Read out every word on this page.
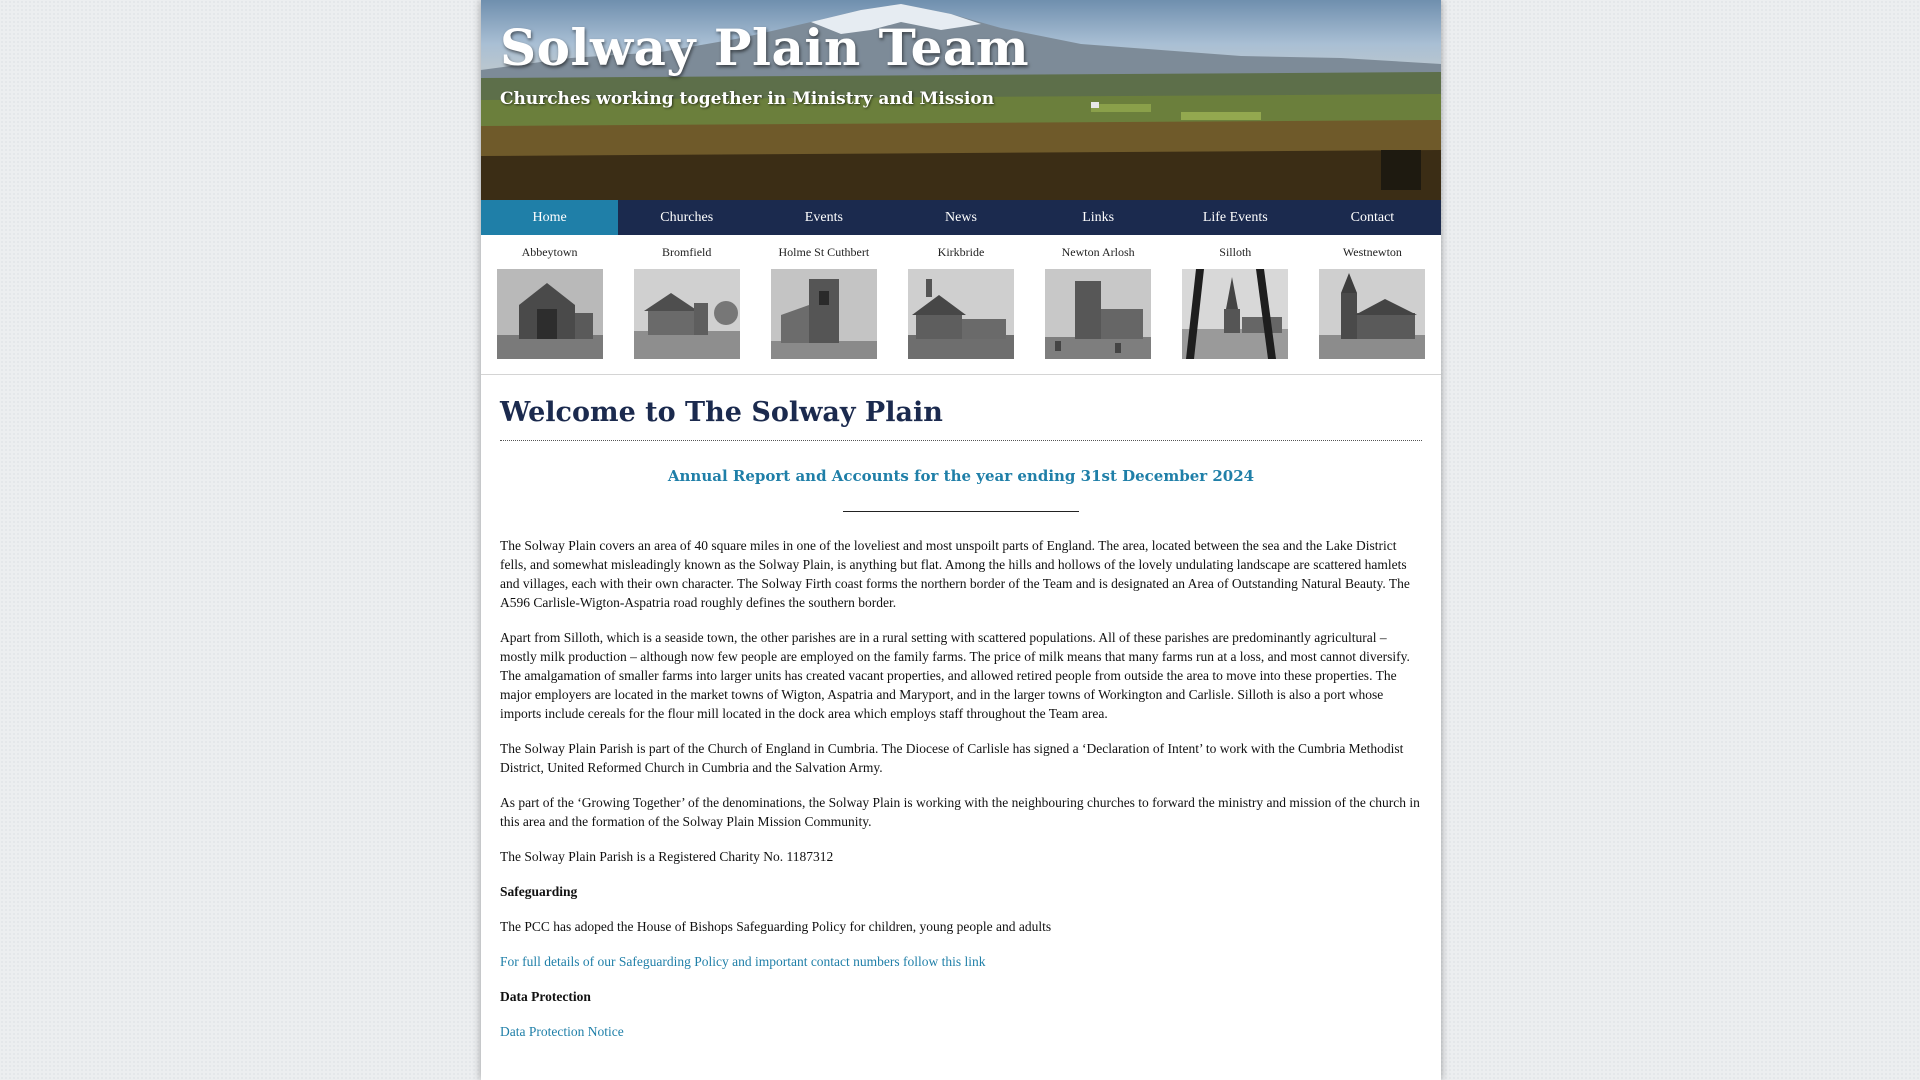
Solway Plain Team
Churches working together in Ministry and Mission
Home	Churches	Events	News	Links	Life Events	Contact
Abbeytown	Bromfield	Holme St Cuthbert	Kirkbride	Newton Arlosh	Silloth	Westnewton
Welcome to The Solway Plain
Annual Report and Accounts for the year ending 31st December 2024

The Solway Plain covers an area of 40 square miles in one of the loveliest and most unspoilt parts of England. The area, located between the sea and the Lake District fells, and somewhat misleadingly known as the Solway Plain, is anything but flat. Among the hills and hollows of the lovely undulating landscape are scattered hamlets and villages, each with their own character. The Solway Firth coast forms the northern border of the Team and is designated an Area of Outstanding Natural Beauty. The A596 Carlisle-Wigton-Aspatria road roughly defines the southern border.

Apart from Silloth, which is a seaside town, the other parishes are in a rural setting with scattered populations. All of these parishes are predominantly agricultural – mostly milk production – although now few people are employed on the family farms. The price of milk means that many farms run at a loss, and most cannot diversify. The amalgamation of smaller farms into larger units has created vacant properties, and allowed retired people from outside the area to move into these properties. The major employers are located in the market towns of Wigton, Aspatria and Maryport, and in the larger towns of Workington and Carlisle. Silloth is also a port whose imports include cereals for the flour mill located in the dock area which employs staff throughout the Team area.

The Solway Plain Parish is part of the Church of England in Cumbria. The Diocese of Carlisle has signed a ‘Declaration of Intent’ to work with the Cumbria Methodist District, United Reformed Church in Cumbria and the Salvation Army.

As part of the ‘Growing Together’ of the denominations, the Solway Plain is working with the neighbouring churches to forward the ministry and mission of the church in this area and the formation of the Solway Plain Mission Community.

The Solway Plain Parish is a Registered Charity No. 1187312

Safeguarding

The PCC has adoped the House of Bishops Safeguarding Policy for children, young people and adults

For full details of our Safeguarding Policy and important contact numbers follow this link

Data Protection

Data Protection Notice
